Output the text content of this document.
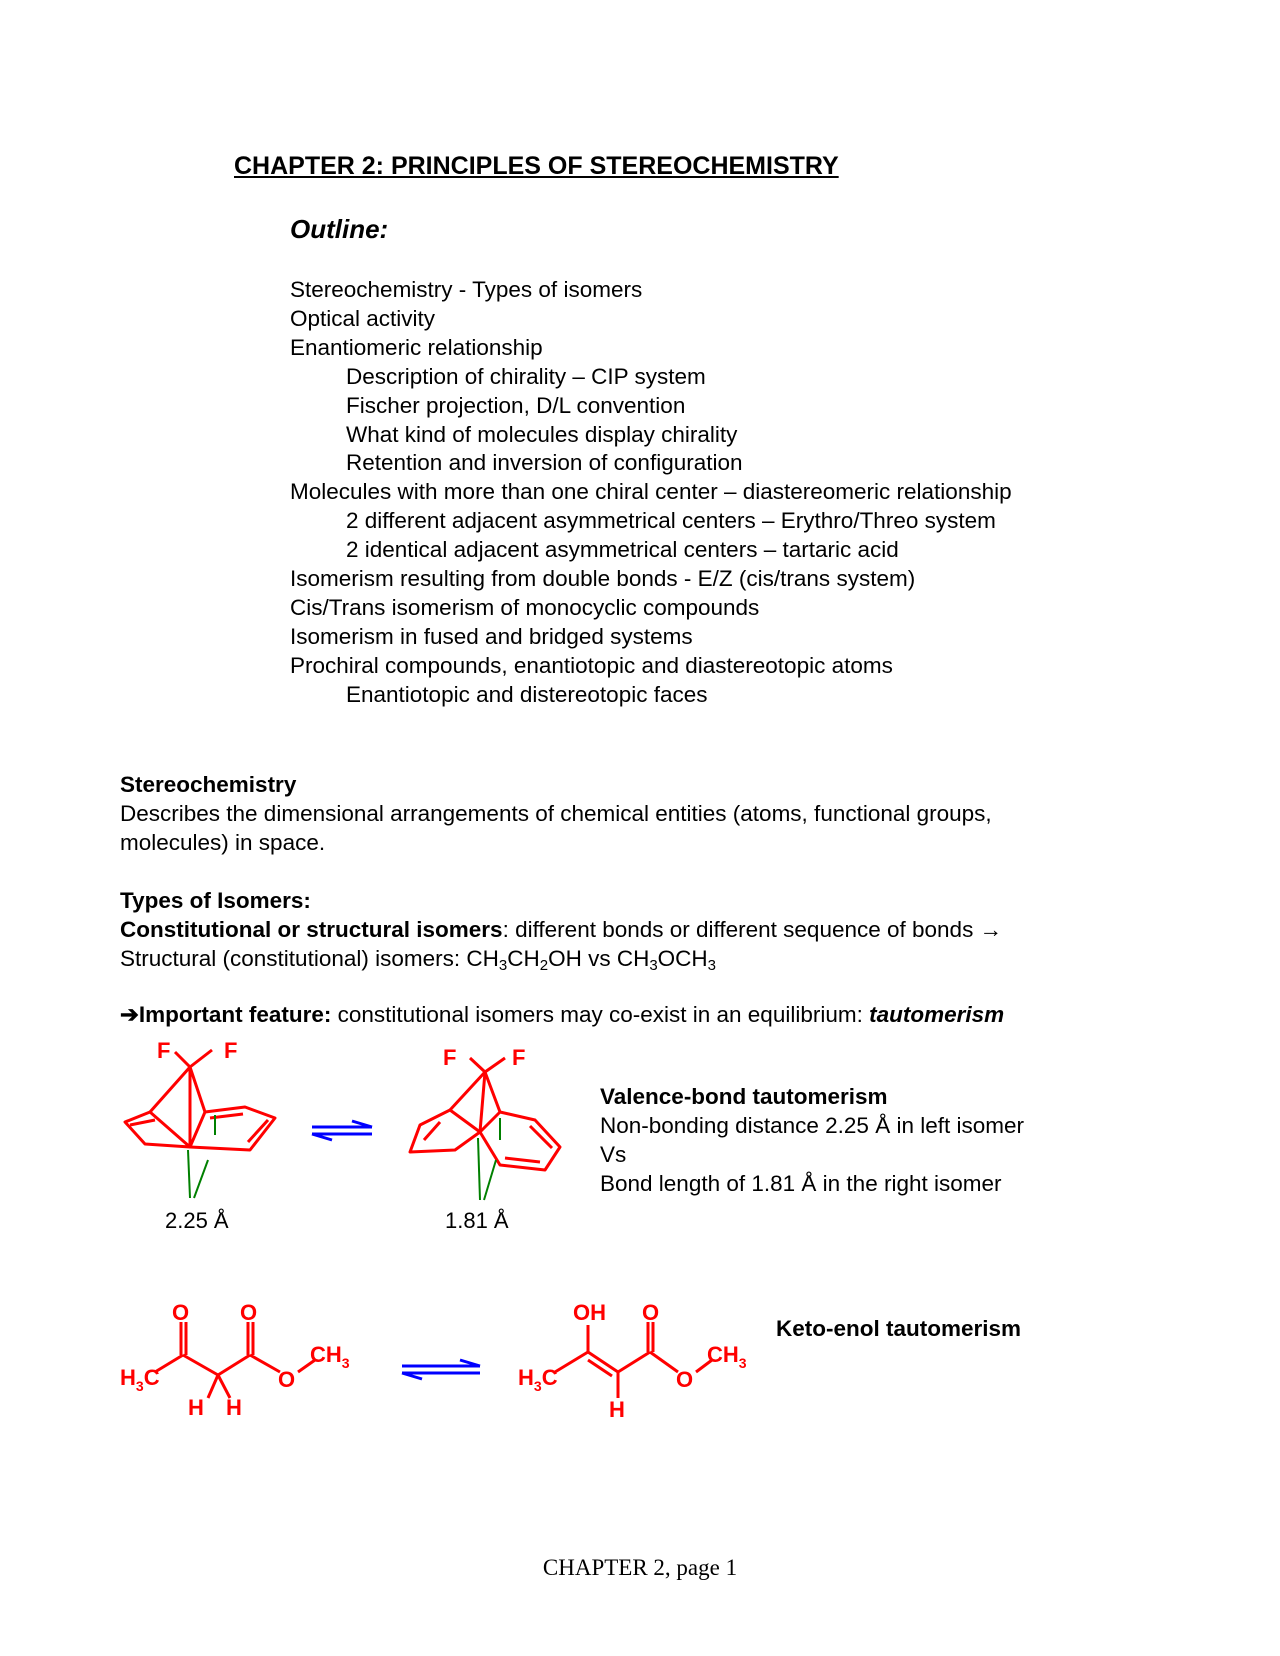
CHAPTER 2: PRINCIPLES OF STEREOCHEMISTRY
Outline:
Stereochemistry - Types of isomers
Optical activity
Enantiomeric relationship
Description of chirality – CIP system
Fischer projection, D/L convention
What kind of molecules display chirality
Retention and inversion of configuration
Molecules with more than one chiral center – diastereomeric relationship
2 different adjacent asymmetrical centers – Erythro/Threo system
2 identical adjacent asymmetrical centers – tartaric acid
Isomerism resulting from double bonds - E/Z (cis/trans system)
Cis/Trans isomerism of monocyclic compounds
Isomerism in fused and bridged systems
Prochiral compounds, enantiotopic and diastereotopic atoms
Enantiotopic and distereotopic faces
Stereochemistry
Describes the dimensional arrangements of chemical entities (atoms, functional groups,
molecules) in space.
Types of Isomers:
Constitutional or structural isomers: different bonds or different sequence of bonds →
Structural (constitutional) isomers: $CH_3CH_2OH$ vs $CH_3OCH_3$
➔Important feature: constitutional isomers may co-exist in an equilibrium: tautomerism
F F
2.25 Å
F	F
1.81 Å
Valence-bond tautomerism
Non-bonding distance 2.25 Å in left isomer
Vs
Bond length of 1.81 Å in the right isomer
O O
O
H H
$H_3C$
$CH_3$
OH O
O
H
$H_3C$
$CH_3$
Keto-enol tautomerism
CHAPTER 2, page 1
